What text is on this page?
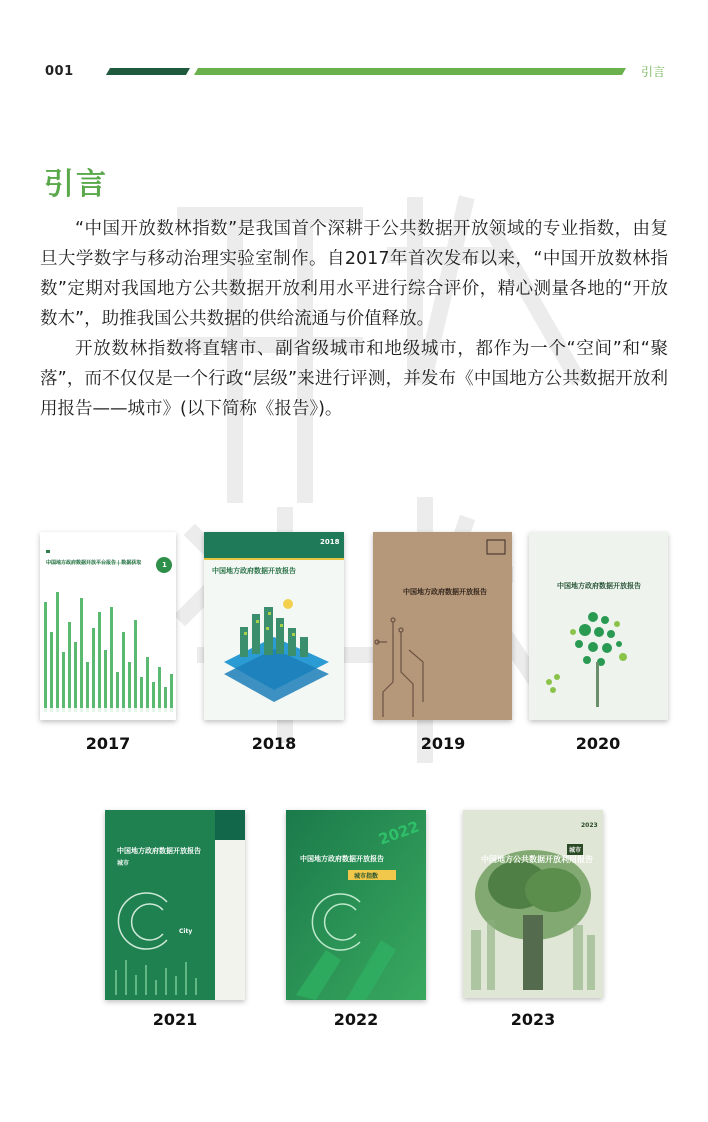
001	引言
引言

“中国开放数林指数”是我国首个深耕于公共数据开放领域的专业指数，由复旦大学数字与移动治理实验室制作。自2017年首次发布以来，“中国开放数林指数”定期对我国地方公共数据开放利用水平进行综合评价，精心测量各地的“开放数木”，助推我国公共数据的供给流通与价值释放。

开放数林指数将直辖市、副省级城市和地级城市，都作为一个“空间”和“聚落”，而不仅仅是一个行政“层级”来进行评测，并发布《中国地方公共数据开放利用报告——城市》(以下简称《报告》)。

中国地方政府数据开放平台报告 | 数据获取	1
2018
中国地方政府数据开放报告
中国地方政府数据开放报告
中国地方政府数据开放报告
2017	2018	2019	2020
中国地方政府数据开放报告
城市
City
2022
中国地方政府数据开放报告
城市指数
2023
中国地方公共数据开放利用报告
城市
2021	2022	2023
